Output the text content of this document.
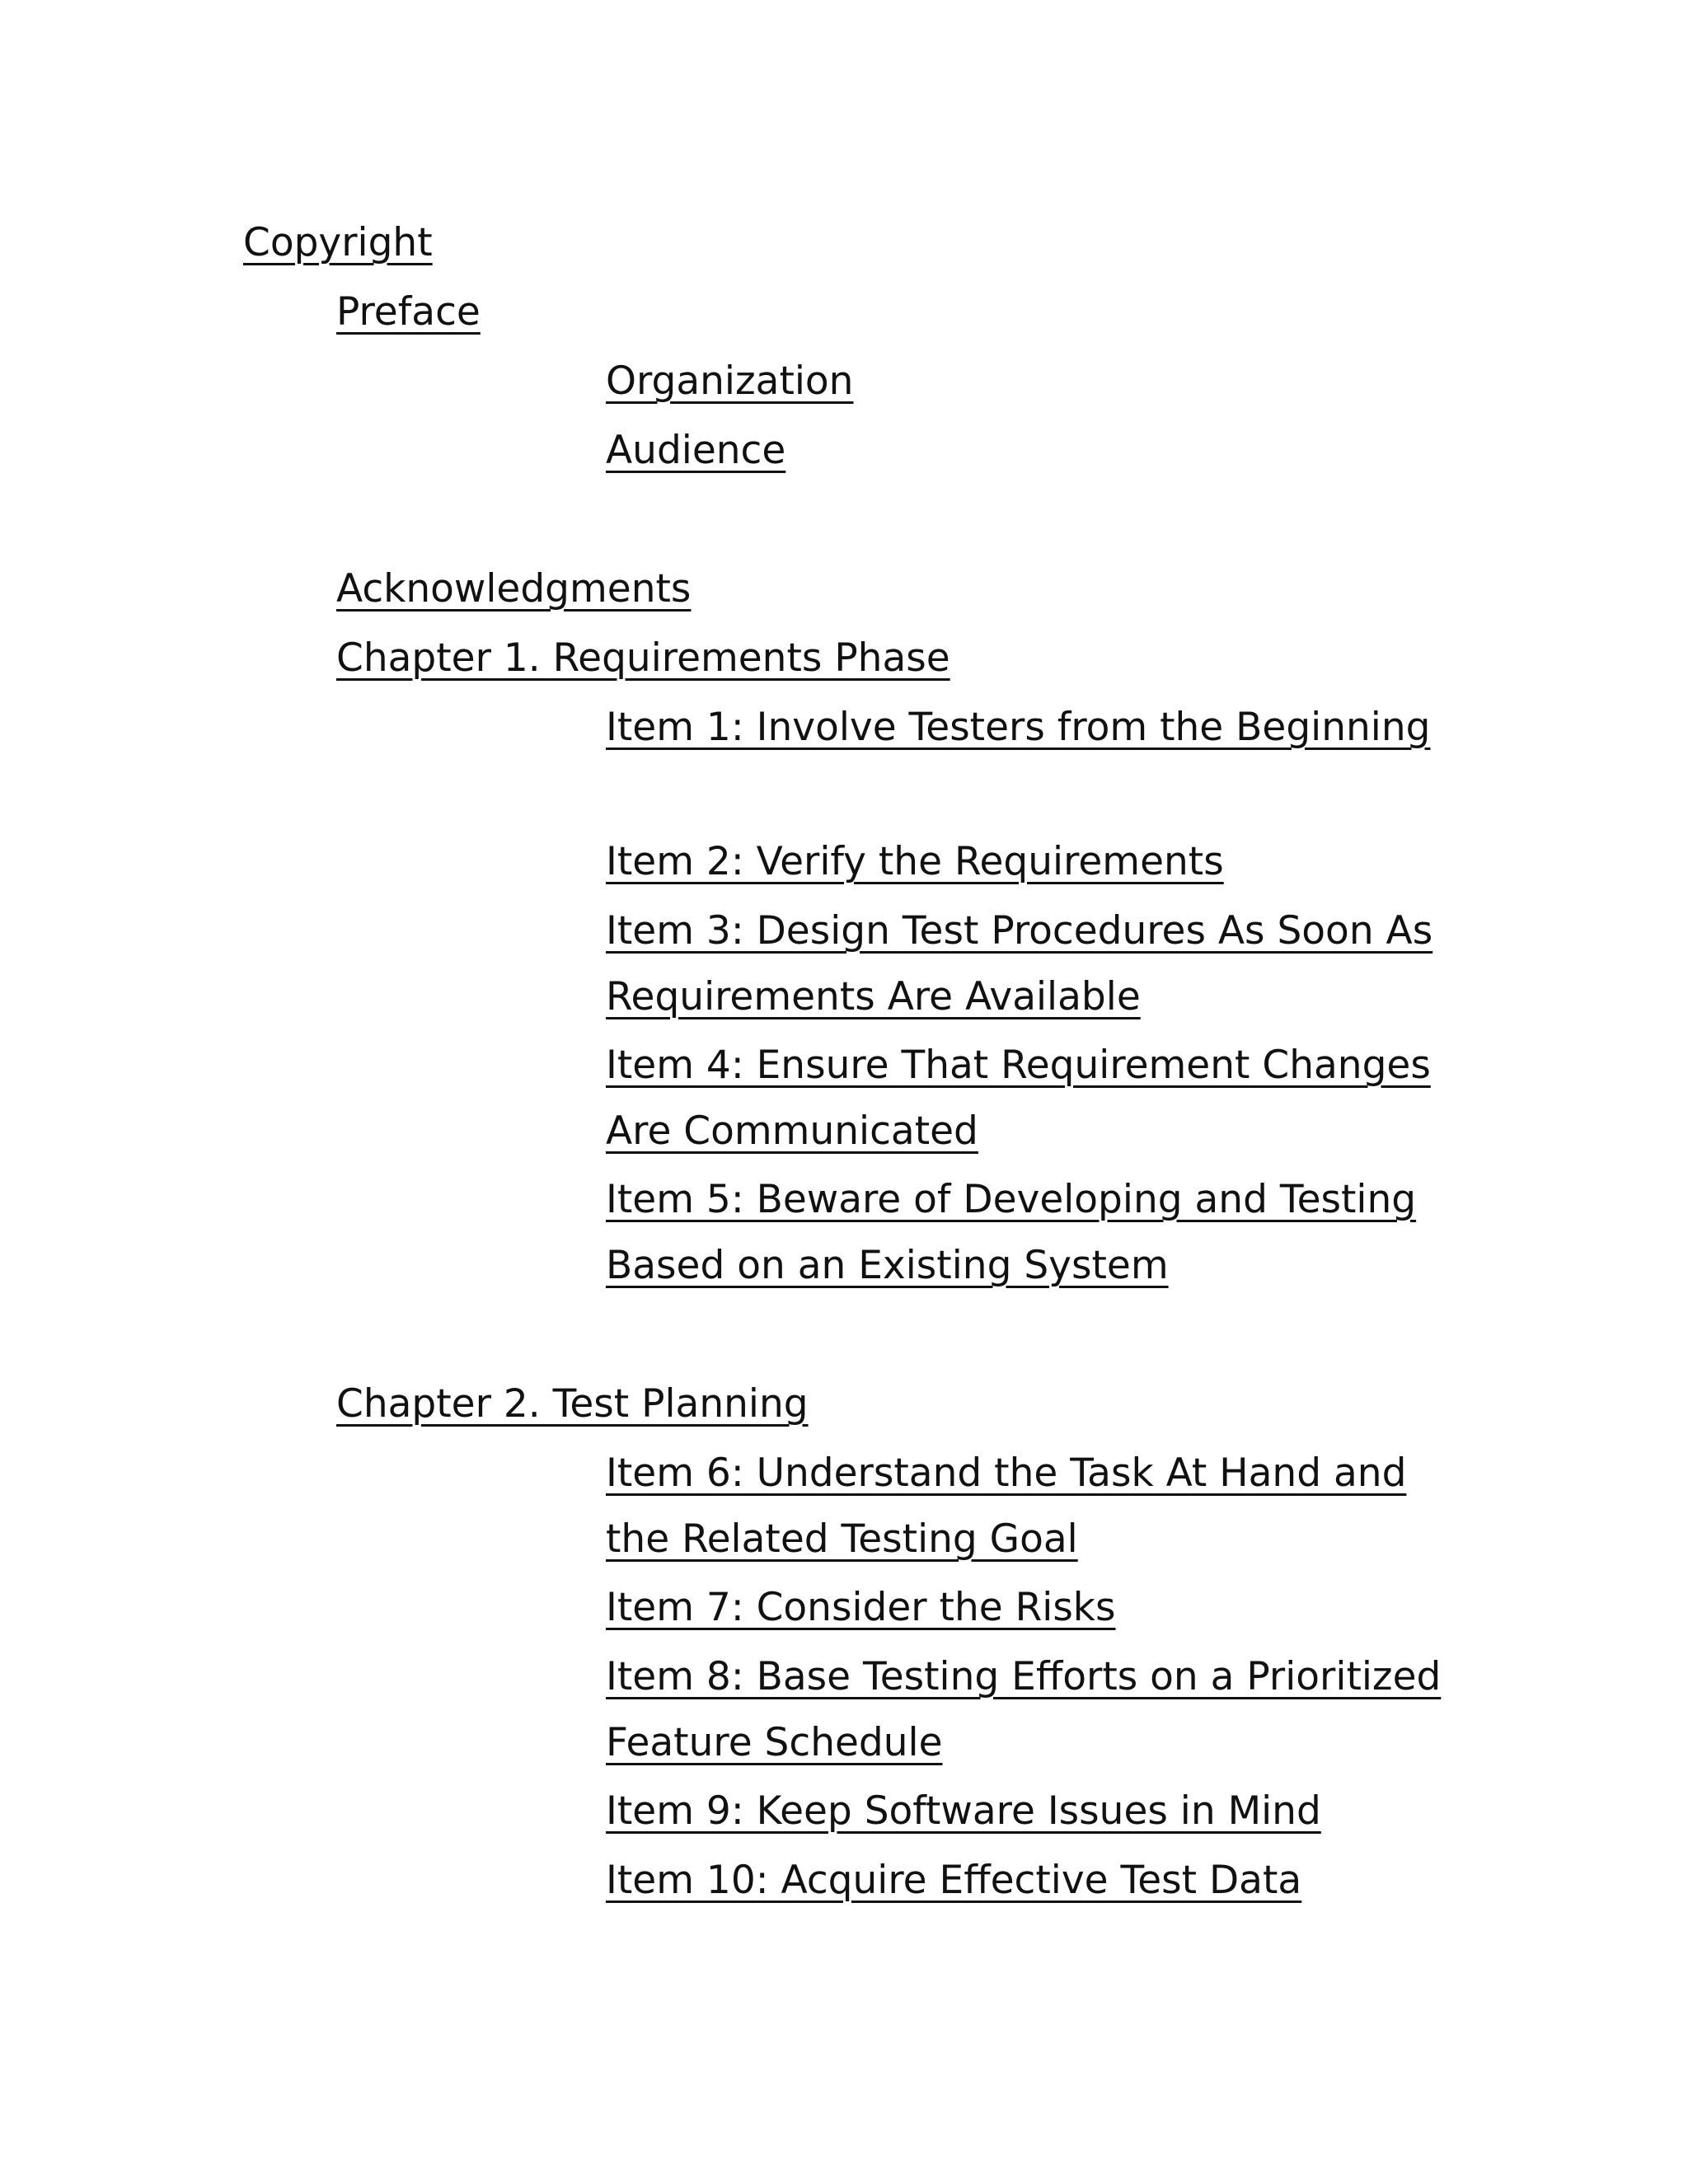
Copyright
Preface
Organization
Audience
Acknowledgments
Chapter 1. Requirements Phase
Item 1: Involve Testers from the Beginning
Item 2: Verify the Requirements
Item 3: Design Test Procedures As Soon As Requirements Are Available
Item 4: Ensure That Requirement Changes Are Communicated
Item 5: Beware of Developing and Testing Based on an Existing System
Chapter 2. Test Planning
Item 6: Understand the Task At Hand and the Related Testing Goal
Item 7: Consider the Risks
Item 8: Base Testing Efforts on a Prioritized Feature Schedule
Item 9: Keep Software Issues in Mind
Item 10: Acquire Effective Test Data
